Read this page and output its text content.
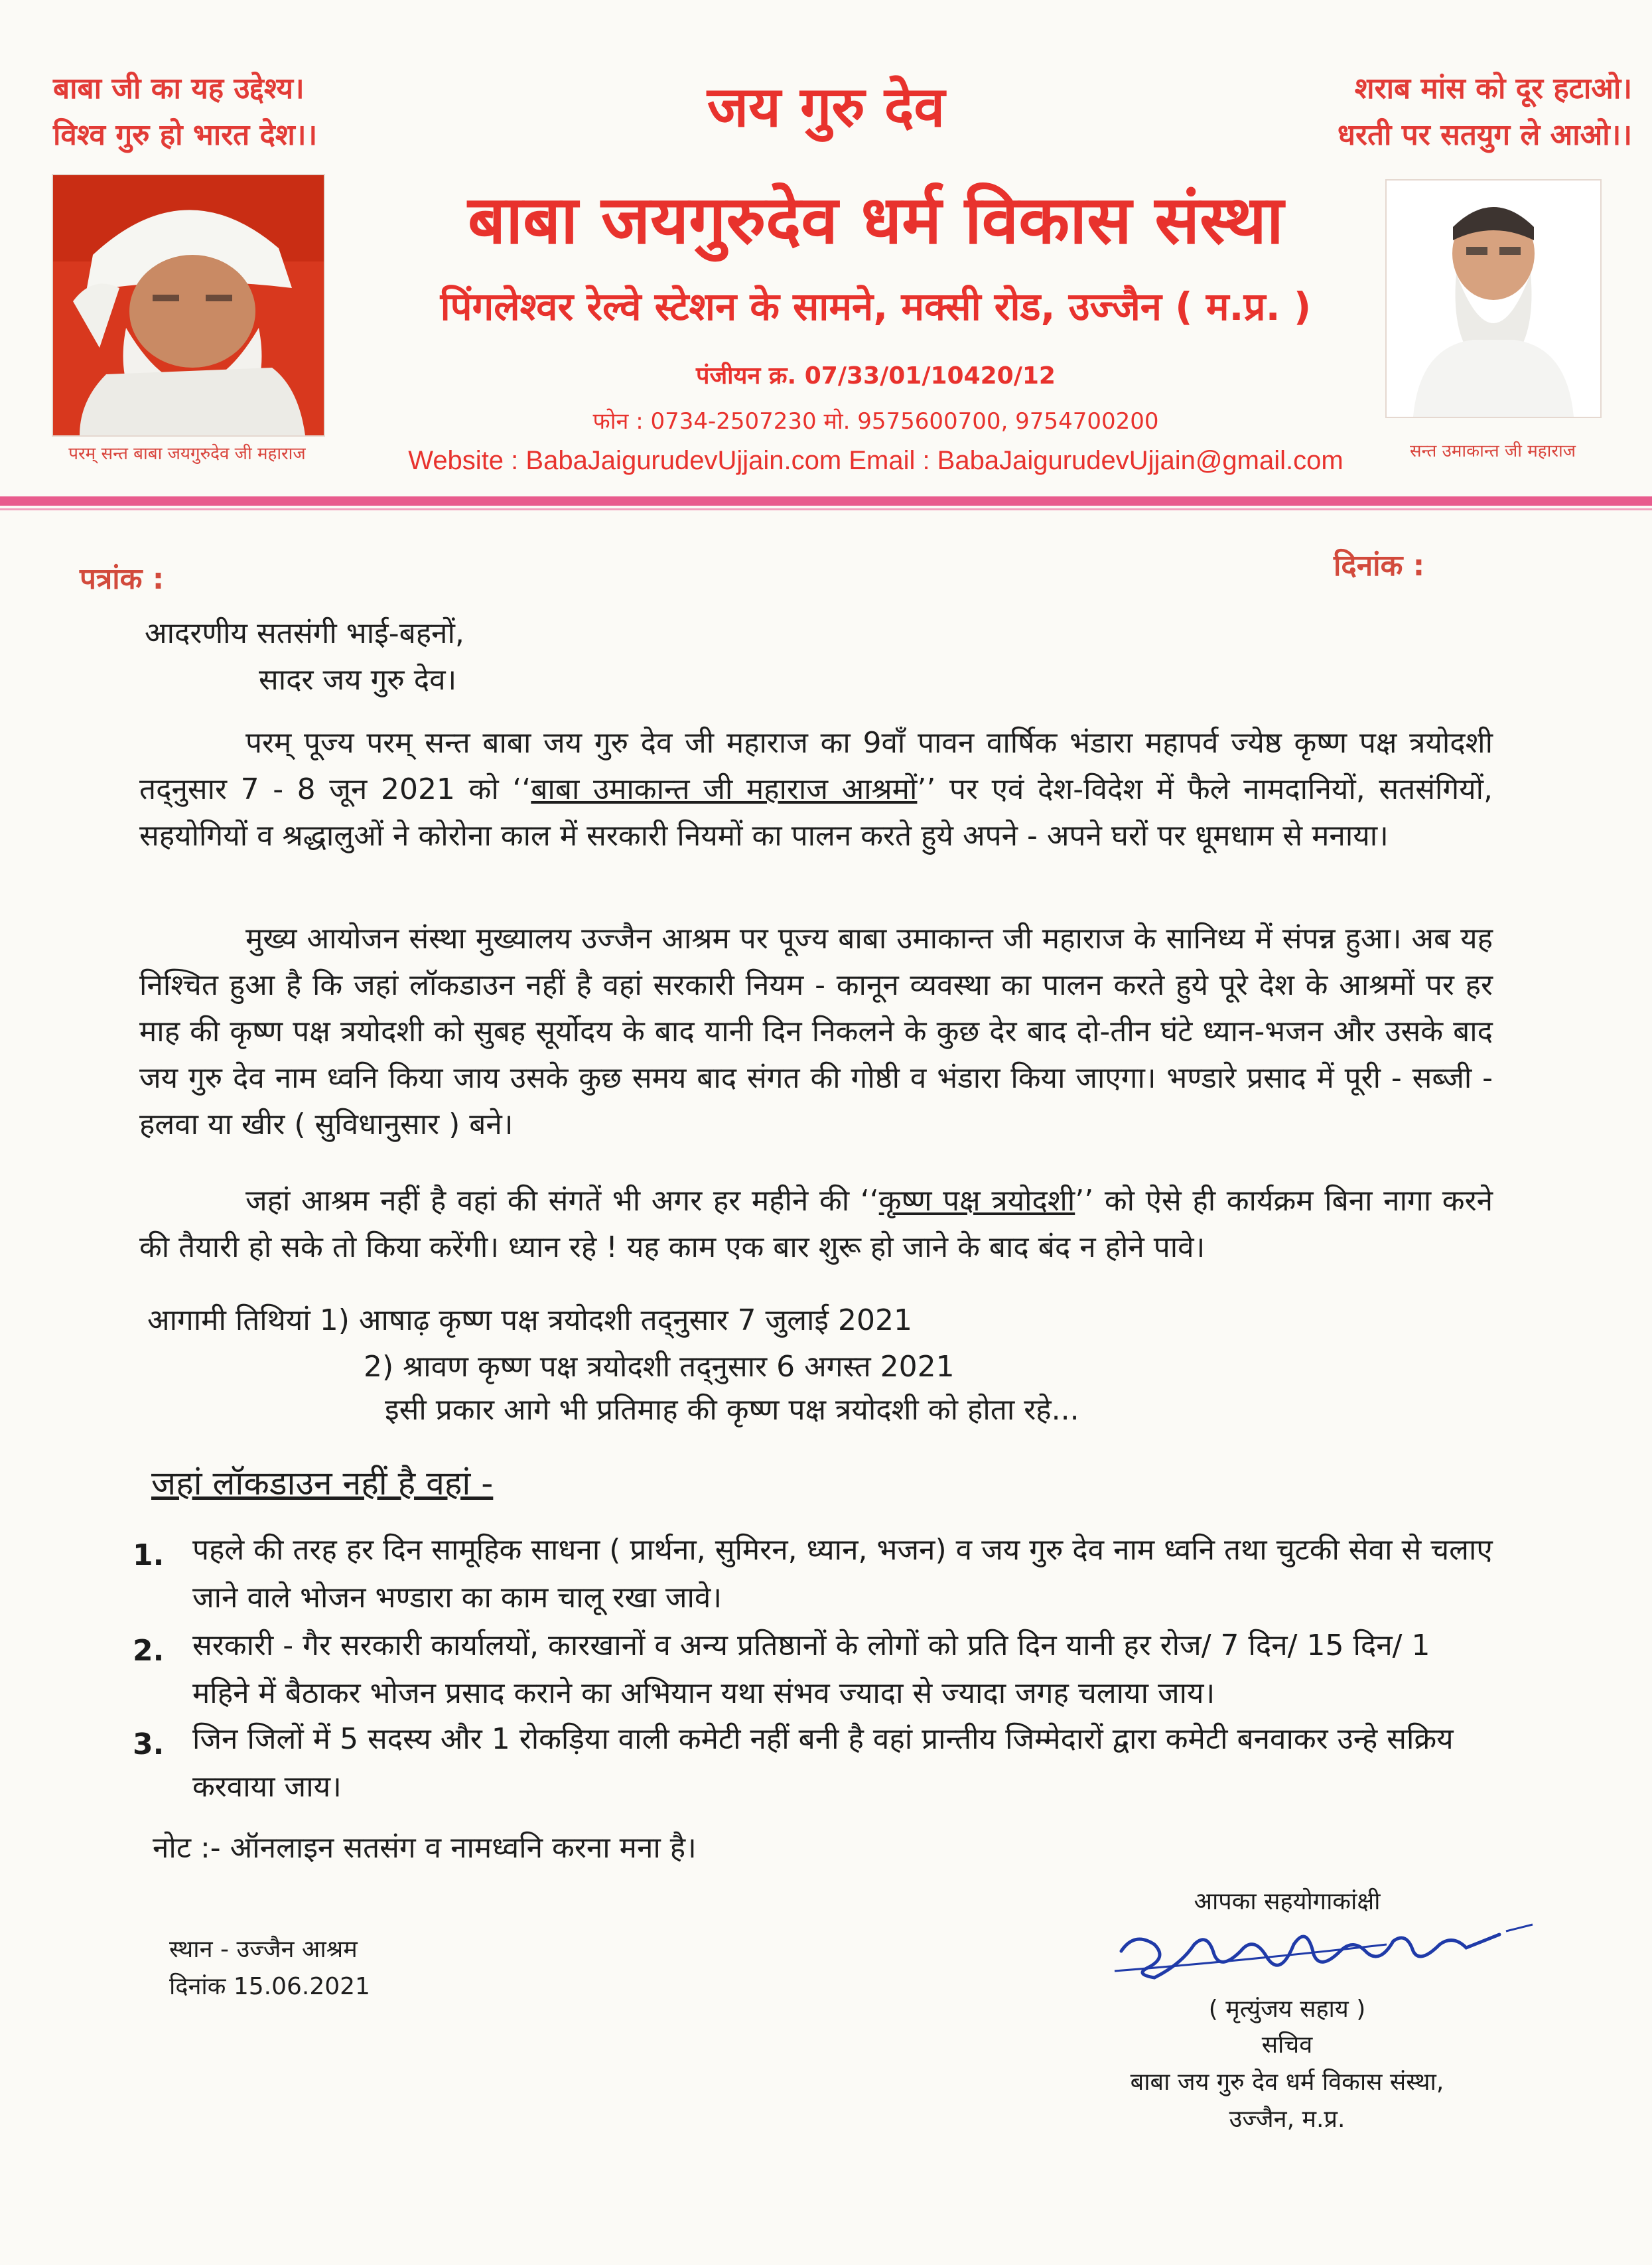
बाबा जी का यह उद्देश्य।
विश्व गुरु हो भारत देश।।
शराब मांस को दूर हटाओ।
धरती पर सतयुग ले आओ।।
जय गुरु देव
बाबा जयगुरुदेव धर्म विकास संस्था
पिंगलेश्वर रेल्वे स्टेशन के सामने, मक्सी रोड, उज्जैन ( म.प्र. )
पंजीयन क्र. 07/33/01/10420/12
फोन : 0734-2507230 मो. 9575600700, 9754700200
Website : BabaJaigurudevUjjain.com Email : BabaJaigurudevUjjain@gmail.com
परम् सन्त बाबा जयगुरुदेव जी महाराज	सन्त उमाकान्त जी महाराज
पत्रांक :	दिनांक :
आदरणीय सतसंगी भाई-बहनों,
सादर जय गुरु देव।
परम् पूज्य परम् सन्त बाबा जय गुरु देव जी महाराज का 9वाँ पावन वार्षिक भंडारा महापर्व ज्येष्ठ कृष्ण पक्ष त्रयोदशी तद्नुसार 7 - 8 जून 2021 को ‘‘बाबा उमाकान्त जी महाराज आश्रमों’’ पर एवं देश-विदेश में फैले नामदानियों, सतसंगियों, सहयोगियों व श्रद्धालुओं ने कोरोना काल में सरकारी नियमों का पालन करते हुये अपने - अपने घरों पर धूमधाम से मनाया।
मुख्य आयोजन संस्था मुख्यालय उज्जैन आश्रम पर पूज्य बाबा उमाकान्त जी महाराज के सानिध्य में संपन्न हुआ। अब यह निश्चित हुआ है कि जहां लॉकडाउन नहीं है वहां सरकारी नियम - कानून व्यवस्था का पालन करते हुये पूरे देश के आश्रमों पर हर माह की कृष्ण पक्ष त्रयोदशी को सुबह सूर्योदय के बाद यानी दिन निकलने के कुछ देर बाद दो-तीन घंटे ध्यान-भजन और उसके बाद जय गुरु देव नाम ध्वनि किया जाय उसके कुछ समय बाद संगत की गोष्ठी व भंडारा किया जाएगा। भण्डारे प्रसाद में पूरी - सब्जी - हलवा या खीर ( सुविधानुसार ) बने।
जहां आश्रम नहीं है वहां की संगतें भी अगर हर महीने की ‘‘कृष्ण पक्ष त्रयोदशी’’ को ऐसे ही कार्यक्रम बिना नागा करने की तैयारी हो सके तो किया करेंगी। ध्यान रहे ! यह काम एक बार शुरू हो जाने के बाद बंद न होने पावे।
आगामी तिथियां 1) आषाढ़ कृष्ण पक्ष त्रयोदशी तद्नुसार 7 जुलाई 2021
2) श्रावण कृष्ण पक्ष त्रयोदशी तद्नुसार 6 अगस्त 2021
इसी प्रकार आगे भी प्रतिमाह की कृष्ण पक्ष त्रयोदशी को होता रहे...
जहां लॉकडाउन नहीं है वहां -
1. पहले की तरह हर दिन सामूहिक साधना ( प्रार्थना, सुमिरन, ध्यान, भजन) व जय गुरु देव नाम ध्वनि तथा चुटकी सेवा से चलाए जाने वाले भोजन भण्डारा का काम चालू रखा जावे।
2. सरकारी - गैर सरकारी कार्यालयों, कारखानों व अन्य प्रतिष्ठानों के लोगों को प्रति दिन यानी हर रोज/ 7 दिन/ 15 दिन/ 1 महिने में बैठाकर भोजन प्रसाद कराने का अभियान यथा संभव ज्यादा से ज्यादा जगह चलाया जाय।
3. जिन जिलों में 5 सदस्य और 1 रोकड़िया वाली कमेटी नहीं बनी है वहां प्रान्तीय जिम्मेदारों द्वारा कमेटी बनवाकर उन्हे सक्रिय करवाया जाय।
नोट :- ऑनलाइन सतसंग व नामध्वनि करना मना है।
स्थान - उज्जैन आश्रम
दिनांक 15.06.2021
आपका सहयोगाकांक्षी
( मृत्युंजय सहाय )
सचिव
बाबा जय गुरु देव धर्म विकास संस्था,
उज्जैन, म.प्र.
